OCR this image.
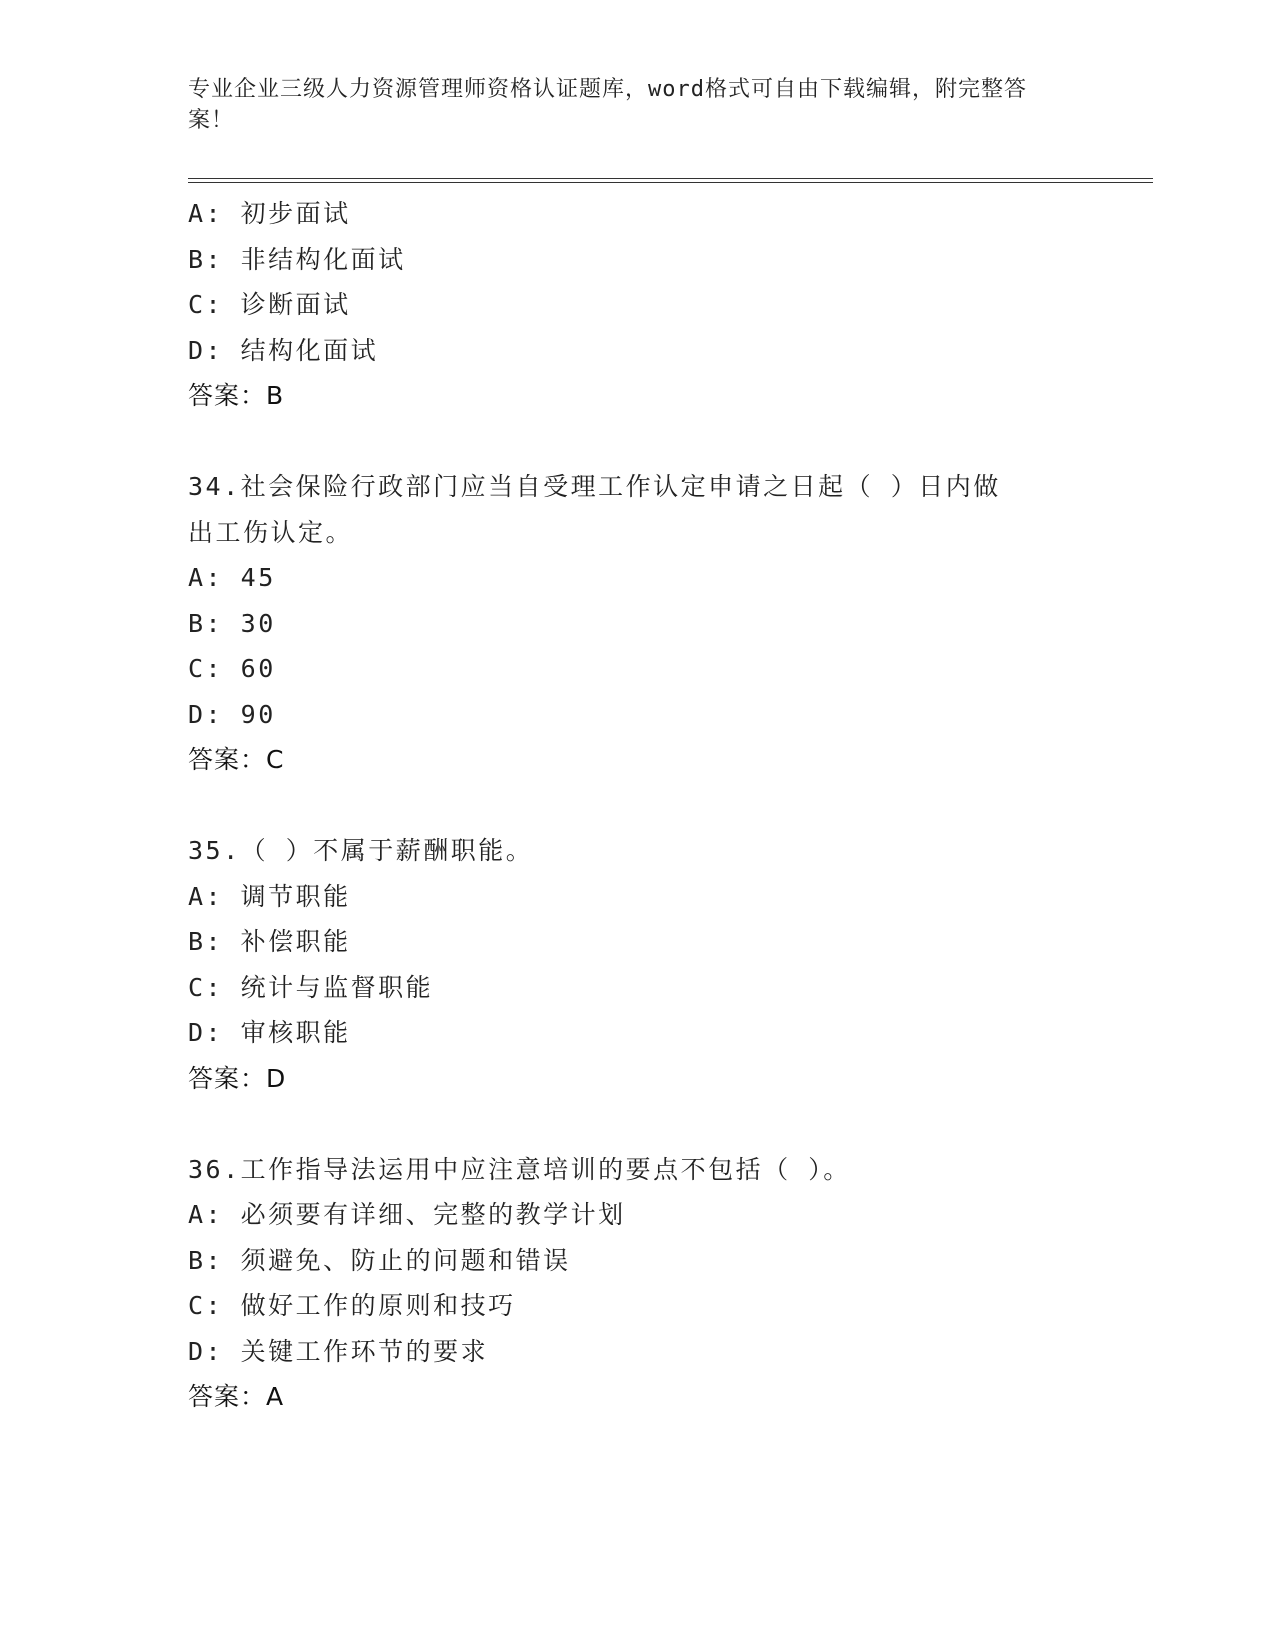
专业企业三级人力资源管理师资格认证题库，word格式可自由下载编辑，附完整答案！
A: 初步面试
B: 非结构化面试
C: 诊断面试
D: 结构化面试
答案：B
34.社会保险行政部门应当自受理工作认定申请之日起（ ）日内做
出工伤认定。
A: 45
B: 30
C: 60
D: 90
答案：C
35.（ ）不属于薪酬职能。
A: 调节职能
B: 补偿职能
C: 统计与监督职能
D: 审核职能
答案：D
36.工作指导法运用中应注意培训的要点不包括（ ）。
A: 必须要有详细、完整的教学计划
B: 须避免、防止的问题和错误
C: 做好工作的原则和技巧
D: 关键工作环节的要求
答案：A
